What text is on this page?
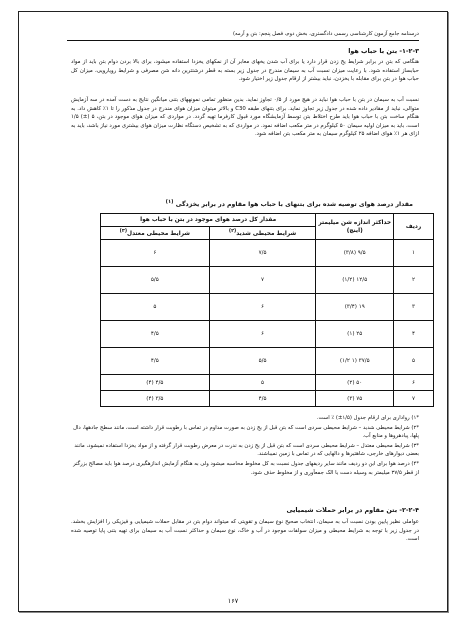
درسنامه جامع آزمون کارشناسی رسمی دادگستری، بخش دوم، فصل پنجم: بتن و آرمه)
۱-۲-۳- بتن با حباب هوا

هنگامی که بتن در برابر شرایط یخ زدن قرار دارد یا برای آب شدن یخهای معابر آن از نمکهای یخزدا استفاده میشود، برای بالا بردن دوام بتن باید از مواد حبابساز استفاده شود. با رعایت میزان نسبت آب به سیمان مندرج در جدول زیر بسته به قطر درشتترین دانه شن مصرفی و شرایط رویارویی، میزان کل حباب هوا در بتن برای مقابله با یخزدن، نباید بیشتر از ارقام جدول زیر اختیار شود.

نسبت آب به سیمان در بتن با حباب هوا نباید در هیچ مورد از ۰/۵ تجاوز نماید. بدین منظور تمامی نمونههای بتنی میانگین نتایج به دست آمده در سه آزمایش متوالی، نباید از مقادیر داده شده در جدول زیر تجاوز نماید. برای بتنهای طبقه C30 و بالاتر میتوان میزان هوای مندرج در جدول مذکور را تا ۱٪ کاهش داد. به هنگام ساخت بتن با حباب هوا باید طرح اختلاط بتن توسط آزمایشگاه مورد قبول کارفرما تهیه گردد. در مواردی که میزان هوای موجود در بتن، ۵ (±) ۱/۵ است، باید به میزان اولیه سیمان ۵۰ کیلوگرم در متر مکعب اضافه نمود. در مواردی که به تشخیص دستگاه نظارت میزان هوای بیشتری مورد نیاز باشد، باید به ازای هر ۱٪ هوای اضافه ۲۵ کیلوگرم سیمان به متر مکعب بتن اضافه شود.

مقدار درصد هوای توصیه شده برای بتنهای با حباب هوا مقاوم در برابر یخزدگی $^{(۱)}$
ردیف	حداکثر اندازه شن میلیمتر (اینچ)	مقدار کل درصد هوای موجود در بتن با حباب هوا	
		شرایط محیطی شدید$^{(۲)}$	شرایط محیطی معتدل$^{(۳)}$
۱	۹/۵ (۳/۸)	۷/۵	۶
۲	۱۲/۵ (۱/۲)	۷	۵/۵
۳	۱۹ (۳/۴)	۶	۵
۴	۲۵ (۱)	۶	۴/۵
۵	۳۷/۵ (۱ ۱/۲)	۵/۵	۴/۵
۶	۵۰ (۲)	۵	۴/۵ (۴)
۷	۷۵ (۳)	۴/۵	۳/۵ (۴)

*۱) رواداری برای ارقام جدول (۱/۵±) ٪ است.

*۲) شرایط محیطی شدید – شرایط محیطی سردی است که بتن قبل از یخ زدن به صورت مداوم در تماس با رطوبت قرار داشته است، مانند سطح جادهها، دال پلها، پیادهروها و منابع آب.

*۳) شرایط محیطی معتدل – شرایط محیطی سردی است که بتن قبل از یخ زدن به ندرت در معرض رطوبت قرار گرفته و از مواد یخزدا استفاده نمیشود، مانند بعضی دیوارهای خارجی، شاهتیرها و دالهایی که در تماس با زمین نمیباشند.

*۴) درصد هوا برای این دو ردیف مانند سایر ردیفهای جدول نسبت به کل مخلوط محاسبه میشود ولی به هنگام آزمایش اندازهگیری درصد هوا باید مصالح بزرگتر از قطر ۳۷/۵ میلیمتر به وسیله دست یا الک جمعآوری و از مخلوط حذف شود.

۲-۲-۴- بتن مقاوم در برابر حملات شیمیایی

عواملی نظیر پایین بودن نسبت آب به سیمان، انتخاب صحیح نوع سیمان و تقویتی که میتواند دوام بتن در مقابل حملات شیمیایی و فیزیکی را افزایش بخشد. در جدول زیر با توجه به شرایط محیطی و میزان سولفات موجود در آب و خاک، نوع سیمان و حداکثر نسبت آب به سیمان برای تهیه بتنی پایا توصیه شده است.

۱۶۷
